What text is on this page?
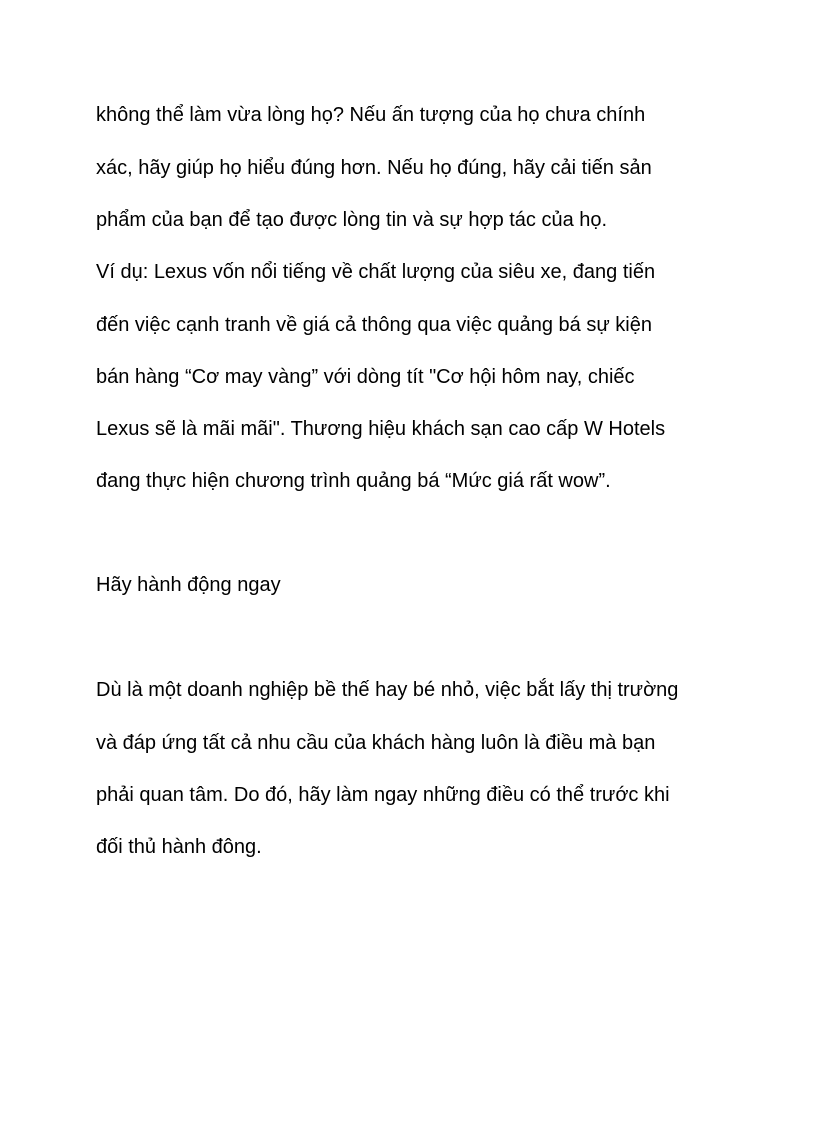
không thể làm vừa lòng họ? Nếu ấn tượng của họ chưa chính

xác, hãy giúp họ hiểu đúng hơn. Nếu họ đúng, hãy cải tiến sản

phẩm của bạn để tạo được lòng tin và sự hợp tác của họ.

Ví dụ: Lexus vốn nổi tiếng về chất lượng của siêu xe, đang tiến

đến việc cạnh tranh về giá cả thông qua việc quảng bá sự kiện

bán hàng “Cơ may vàng” với dòng tít "Cơ hội hôm nay, chiếc

Lexus sẽ là mãi mãi". Thương hiệu khách sạn cao cấp W Hotels

đang thực hiện chương trình quảng bá “Mức giá rất wow”.

Hãy hành động ngay

Dù là một doanh nghiệp bề thế hay bé nhỏ, việc bắt lấy thị trường

và đáp ứng tất cả nhu cầu của khách hàng luôn là điều mà bạn

phải quan tâm. Do đó, hãy làm ngay những điều có thể trước khi

đối thủ hành đông.
